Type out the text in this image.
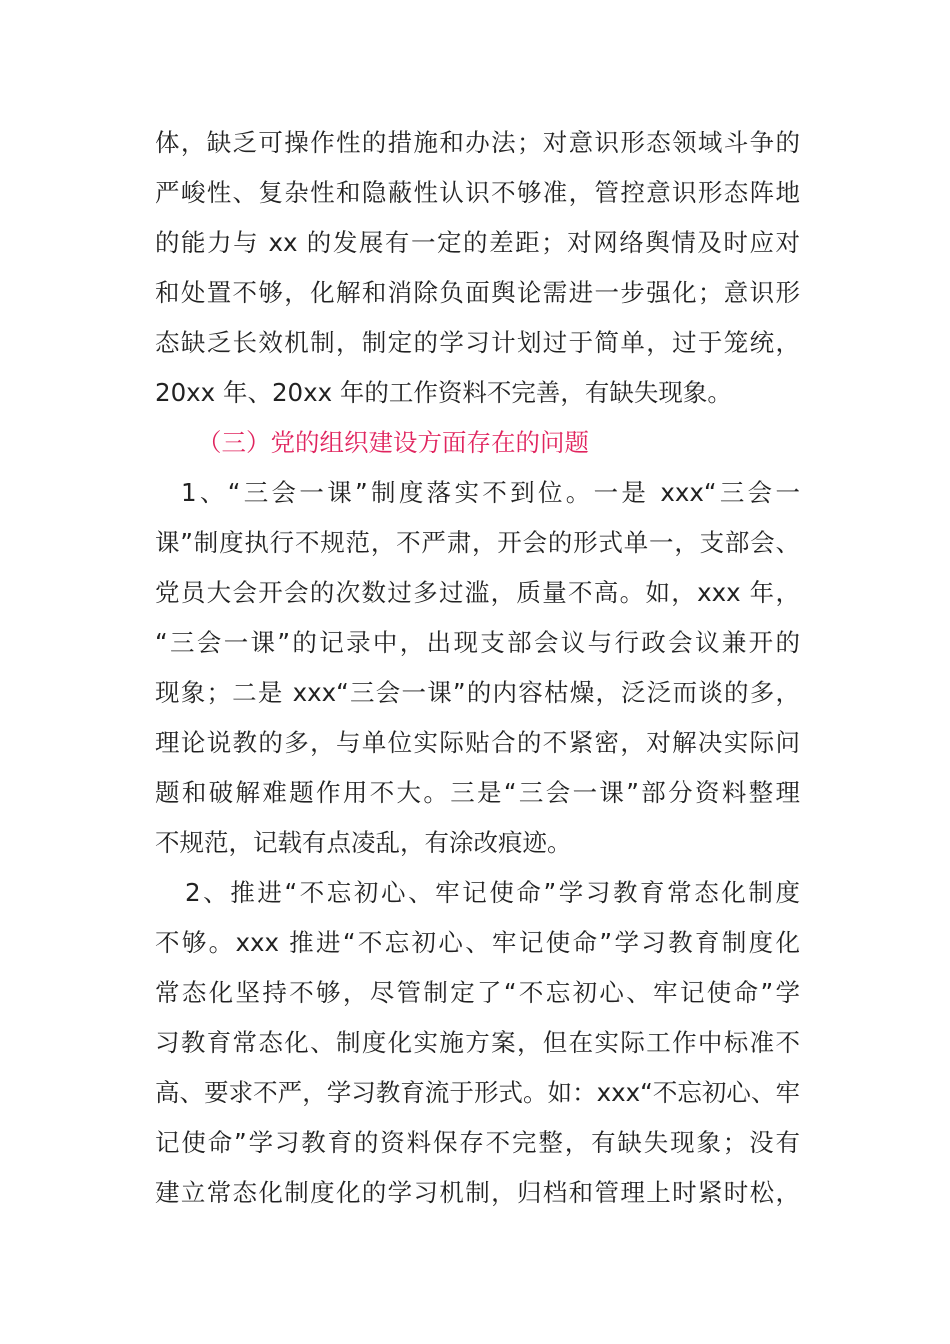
体，缺乏可操作性的措施和办法；对意识形态领域斗争的
严峻性、复杂性和隐蔽性认识不够准，管控意识形态阵地
的能力与 xx 的发展有一定的差距；对网络舆情及时应对
和处置不够，化解和消除负面舆论需进一步强化；意识形
态缺乏长效机制，制定的学习计划过于简单，过于笼统，
20xx 年、20xx 年的工作资料不完善，有缺失现象。
（三）党的组织建设方面存在的问题
1、“三会一课”制度落实不到位。一是 xxx“三会一
课”制度执行不规范，不严肃，开会的形式单一，支部会、
党员大会开会的次数过多过滥，质量不高。如，xxx 年，
“三会一课”的记录中，出现支部会议与行政会议兼开的
现象；二是 xxx“三会一课”的内容枯燥，泛泛而谈的多，
理论说教的多，与单位实际贴合的不紧密，对解决实际问
题和破解难题作用不大。三是“三会一课”部分资料整理
不规范，记载有点凌乱，有涂改痕迹。
2、推进“不忘初心、牢记使命”学习教育常态化制度
不够。xxx 推进“不忘初心、牢记使命”学习教育制度化
常态化坚持不够，尽管制定了“不忘初心、牢记使命”学
习教育常态化、制度化实施方案，但在实际工作中标准不
高、要求不严，学习教育流于形式。如：xxx“不忘初心、牢
记使命”学习教育的资料保存不完整，有缺失现象；没有
建立常态化制度化的学习机制，归档和管理上时紧时松，
